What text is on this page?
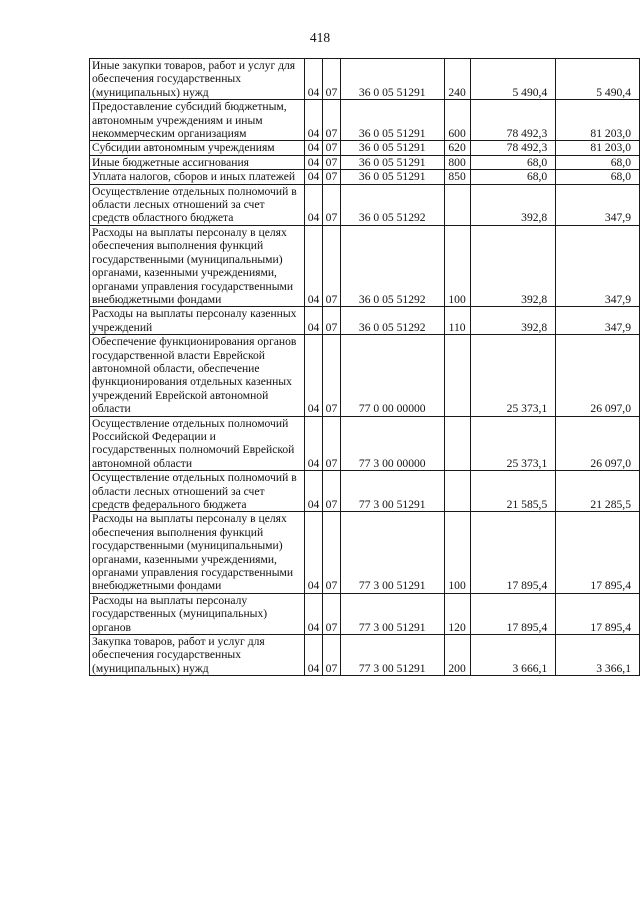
418
Иные закупки товаров, работ и услуг для обеспечения государственных (муниципальных) нужд	04	07	36 0 05 51291	240	5 490,4	5 490,4
Предоставление субсидий бюджетным, автономным учреждениям и иным некоммерческим организациям	04	07	36 0 05 51291	600	78 492,3	81 203,0
Субсидии автономным учреждениям	04	07	36 0 05 51291	620	78 492,3	81 203,0
Иные бюджетные ассигнования	04	07	36 0 05 51291	800	68,0	68,0
Уплата налогов, сборов и иных платежей	04	07	36 0 05 51291	850	68,0	68,0
Осуществление отдельных полномочий в области лесных отношений за счет средств областного бюджета	04	07	36 0 05 51292		392,8	347,9
Расходы на выплаты персоналу в целях обеспечения выполнения функций государственными (муниципальными) органами, казенными учреждениями, органами управления государственными внебюджетными фондами	04	07	36 0 05 51292	100	392,8	347,9
Расходы на выплаты персоналу казенных учреждений	04	07	36 0 05 51292	110	392,8	347,9
Обеспечение функционирования органов государственной власти Еврейской автономной области, обеспечение функционирования отдельных казенных учреждений Еврейской автономной области	04	07	77 0 00 00000		25 373,1	26 097,0
Осуществление отдельных полномочий Российской Федерации и государственных полномочий Еврейской автономной области	04	07	77 3 00 00000		25 373,1	26 097,0
Осуществление отдельных полномочий в области лесных отношений за счет средств федерального бюджета	04	07	77 3 00 51291		21 585,5	21 285,5
Расходы на выплаты персоналу в целях обеспечения выполнения функций государственными (муниципальными) органами, казенными учреждениями, органами управления государственными внебюджетными фондами	04	07	77 3 00 51291	100	17 895,4	17 895,4
Расходы на выплаты персоналу государственных (муниципальных) органов	04	07	77 3 00 51291	120	17 895,4	17 895,4
Закупка товаров, работ и услуг для обеспечения государственных (муниципальных) нужд	04	07	77 3 00 51291	200	3 666,1	3 366,1
